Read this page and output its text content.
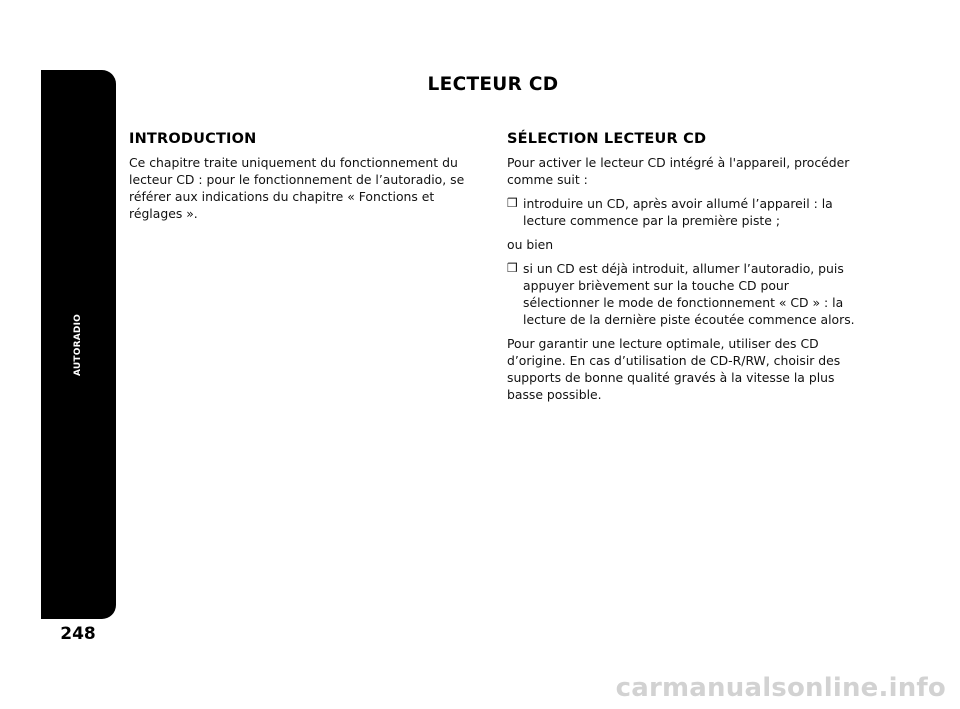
AUTORADIO
248
LECTEUR CD
INTRODUCTION

Ce chapitre traite uniquement du fonctionnement du lecteur CD : pour le fonctionnement de l’autoradio, se référer aux indications du chapitre « Fonctions et réglages ».

SÉLECTION LECTEUR CD

Pour activer le lecteur CD intégré à l'appareil, procéder comme suit :

❒ introduire un CD, après avoir allumé l’appareil : la lecture commence par la première piste ;

ou bien

❒ si un CD est déjà introduit, allumer l’autoradio, puis appuyer brièvement sur la touche CD pour sélectionner le mode de fonctionnement « CD » : la lecture de la dernière piste écoutée commence alors.

Pour garantir une lecture optimale, utiliser des CD d’origine. En cas d’utilisation de CD-R/RW, choisir des supports de bonne qualité gravés à la vitesse la plus basse possible.

carmanualsonline.info
